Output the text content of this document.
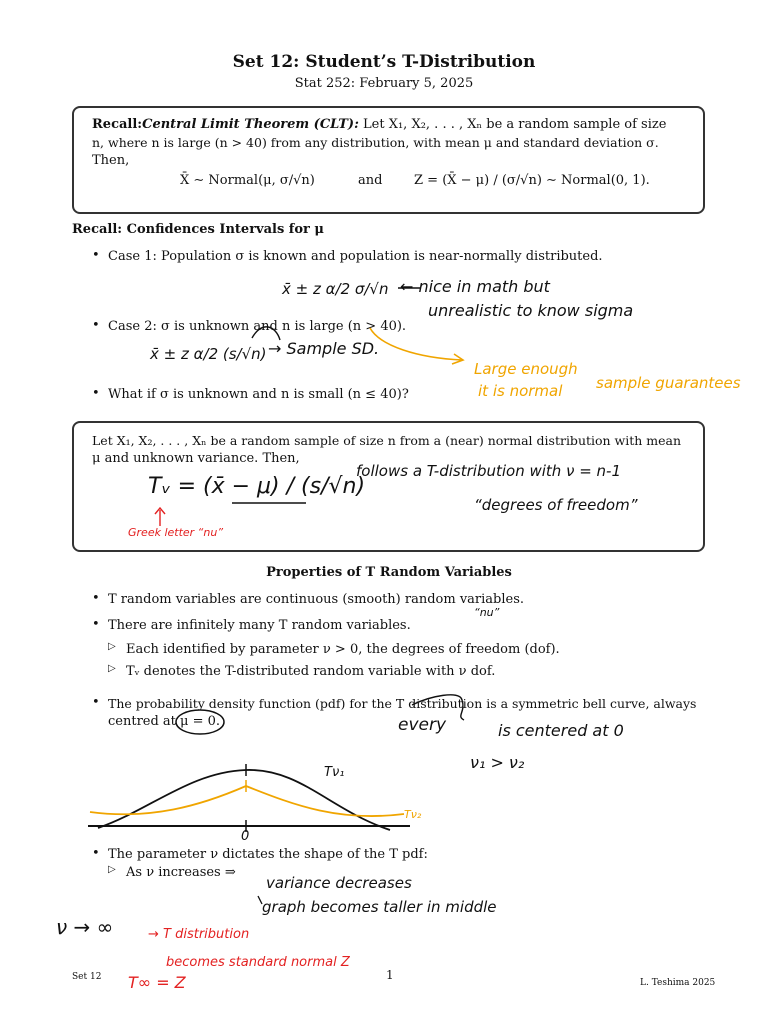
Set 12: Student’s T-Distribution
Stat 252: February 5, 2025
Recall:Central Limit Theorem (CLT): Let X₁, X₂, . . . , Xₙ be a random sample of size
n, where n is large (n > 40) from any distribution, with mean μ and standard deviation σ.
Then,
X̄ ∼ Normal(μ, σ/√n)	and Z = (X̄ − μ) / (σ/√n) ∼ Normal(0, 1).
Recall: Confidences Intervals for μ
• Case 1: Population σ is known and population is near-normally distributed.
x̄ ± z α/2 σ/√n ← nice in math but
unrealistic to know sigma
• Case 2: σ is unknown and n is large (n > 40).
x̄ ± z α/2 (s/√n) → Sample SD.
Large enough
sample guarantees
it is normal
• What if σ is unknown and n is small (n ≤ 40)?
Let X₁, X₂, . . . , Xₙ be a random sample of size n from a (near) normal distribution with mean
μ and unknown variance. Then,
Tᵥ = (x̄ − μ) / (s/√n)
follows a T-distribution with ν = n-1
“degrees of freedom”
Greek letter “nu”
Properties of T Random Variables
• T random variables are continuous (smooth) random variables.
• There are infinitely many T random variables.
“nu”
▷ Each identified by parameter ν > 0, the degrees of freedom (dof).
▷ Tᵥ denotes the T-distributed random variable with ν dof.
• The probability density function (pdf) for the T distribution is a symmetric bell curve, always
centred at μ = 0.	every	is centered at 0
ν₁ > ν₂
Tν₁
Tν₂
0
• The parameter ν dictates the shape of the T pdf:
▷ As ν increases ⇒
variance decreases
graph becomes taller in middle
ν → ∞	→ T distribution
becomes standard normal Z
T∞ = Z
Set 12	1
L. Teshima 2025
